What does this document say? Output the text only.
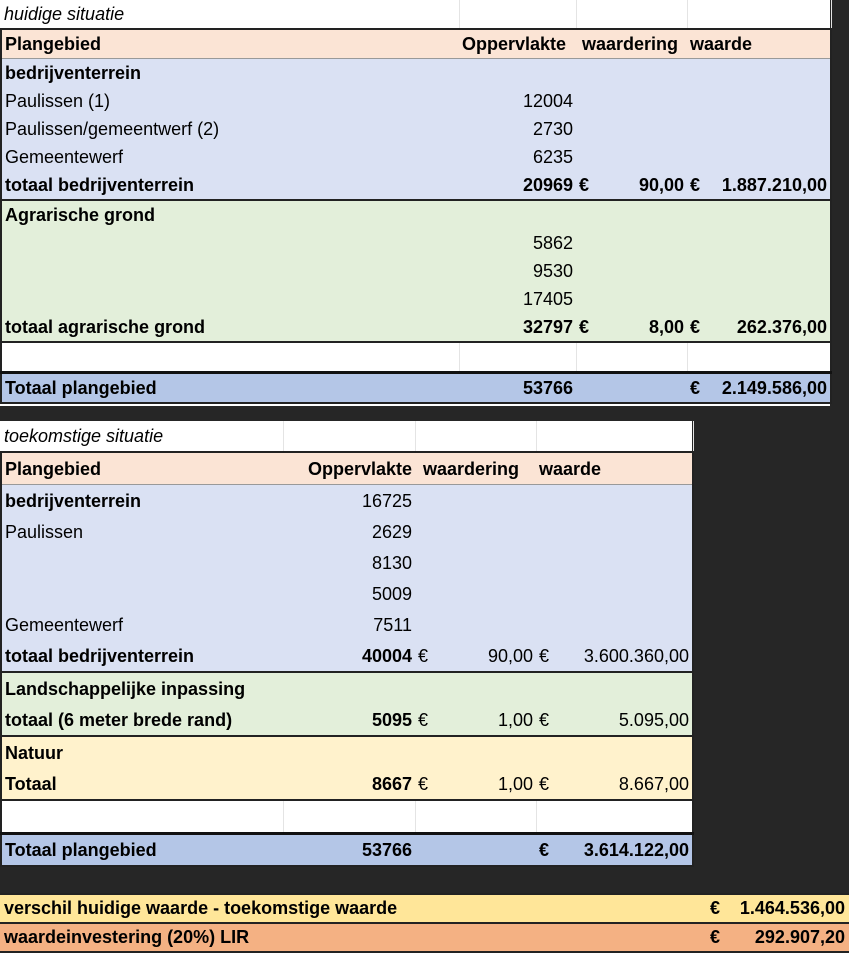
huidige situatie			
Plangebied	Oppervlakte	waardering	waarde
bedrijventerrein			
Paulissen (1)	12004		
Paulissen/gemeentwerf (2)	2730		
Gemeentewerf	6235		
totaal bedrijventerrein	20969	€ 90,00	€ 1.887.210,00

Agrarische grond			
	5862		
	9530		
	17405		
totaal agrarische grond	32797	€ 8,00	€ 262.376,00

Totaal plangebied	53766		€ 2.149.586,00
toekomstige situatie			
Plangebied	Oppervlakte	waardering	waarde
bedrijventerrein	16725		
Paulissen	2629		
	8130		
	5009		
Gemeentewerf	7511		
totaal bedrijventerrein	40004	€ 90,00	€ 3.600.360,00

Landschappelijke inpassing			
totaal (6 meter brede rand)	5095	€ 1,00	€ 5.095,00

Natuur			
Totaal	8667	€ 1,00	€ 8.667,00

Totaal plangebied	53766		€ 3.614.122,00
verschil huidige waarde - toekomstige waarde	€	1.464.536,00
waardeinvestering (20%) LIR	€	292.907,20
